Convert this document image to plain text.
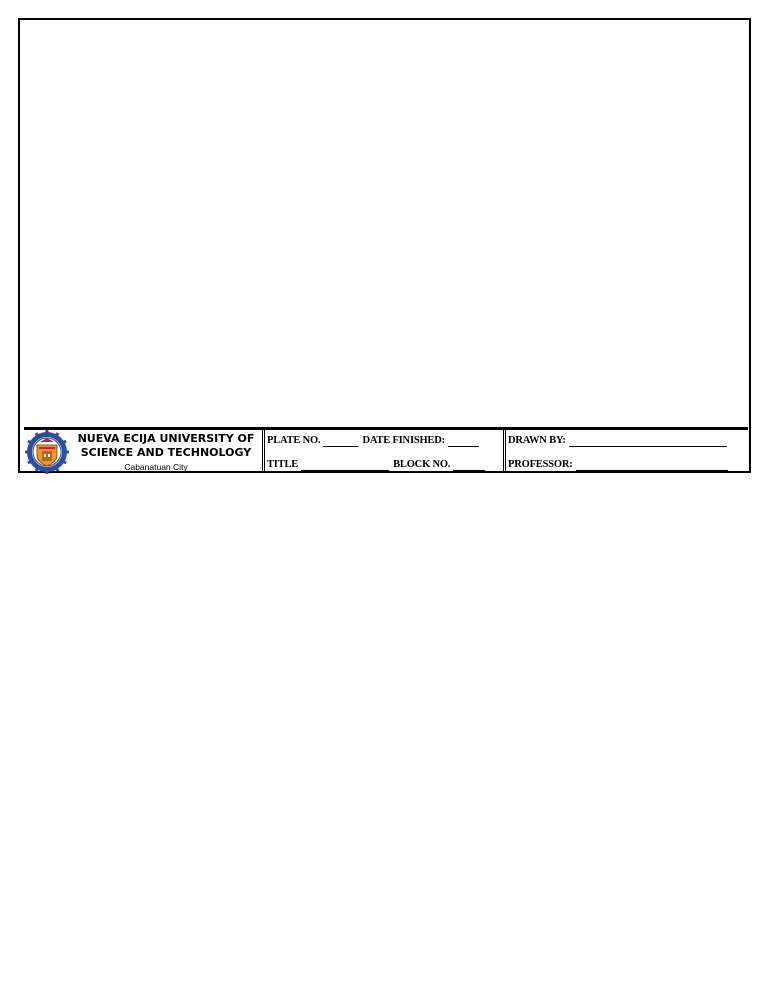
NUEVA ECIJA UNIVERSITY OF
SCIENCE AND TECHNOLOGY
Cabanatuan City
PLATE NO.	DATE FINISHED:
TITLE	BLOCK NO.
DRAWN BY:
PROFESSOR:
